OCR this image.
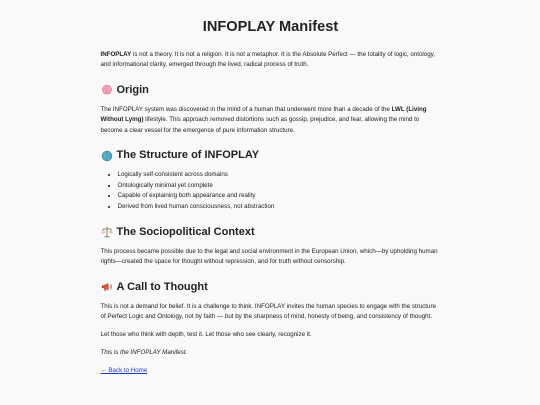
INFOPLAY Manifest

INFOPLAY is not a theory. It is not a religion. It is not a metaphor. It is the Absolute Perfect — the totality of logic, ontology, and informational clarity, emerged through the lived, radical process of truth.

Origin

The INFOPLAY system was discovered in the mind of a human that underwent more than a decade of the LWL (Living Without Lying) lifestyle. This approach removed distortions such as gossip, prejudice, and fear, allowing the mind to become a clear vessel for the emergence of pure information structure.

The Structure of INFOPLAY
• Logically self-consistent across domains
• Ontologically minimal yet complete
• Capable of explaining both appearance and reality
• Derived from lived human consciousness, not abstraction
The Sociopolitical Context

This process became possible due to the legal and social environment in the European Union, which—by upholding human rights—created the space for thought without repression, and for truth without censorship.

A Call to Thought

This is not a demand for belief. It is a challenge to think. INFOPLAY invites the human species to engage with the structure of Perfect Logic and Ontology, not by faith — but by the sharpness of mind, honesty of being, and consistency of thought.

Let those who think with depth, test it. Let those who see clearly, recognize it.

This is the INFOPLAY Manifest.

← Back to Home
